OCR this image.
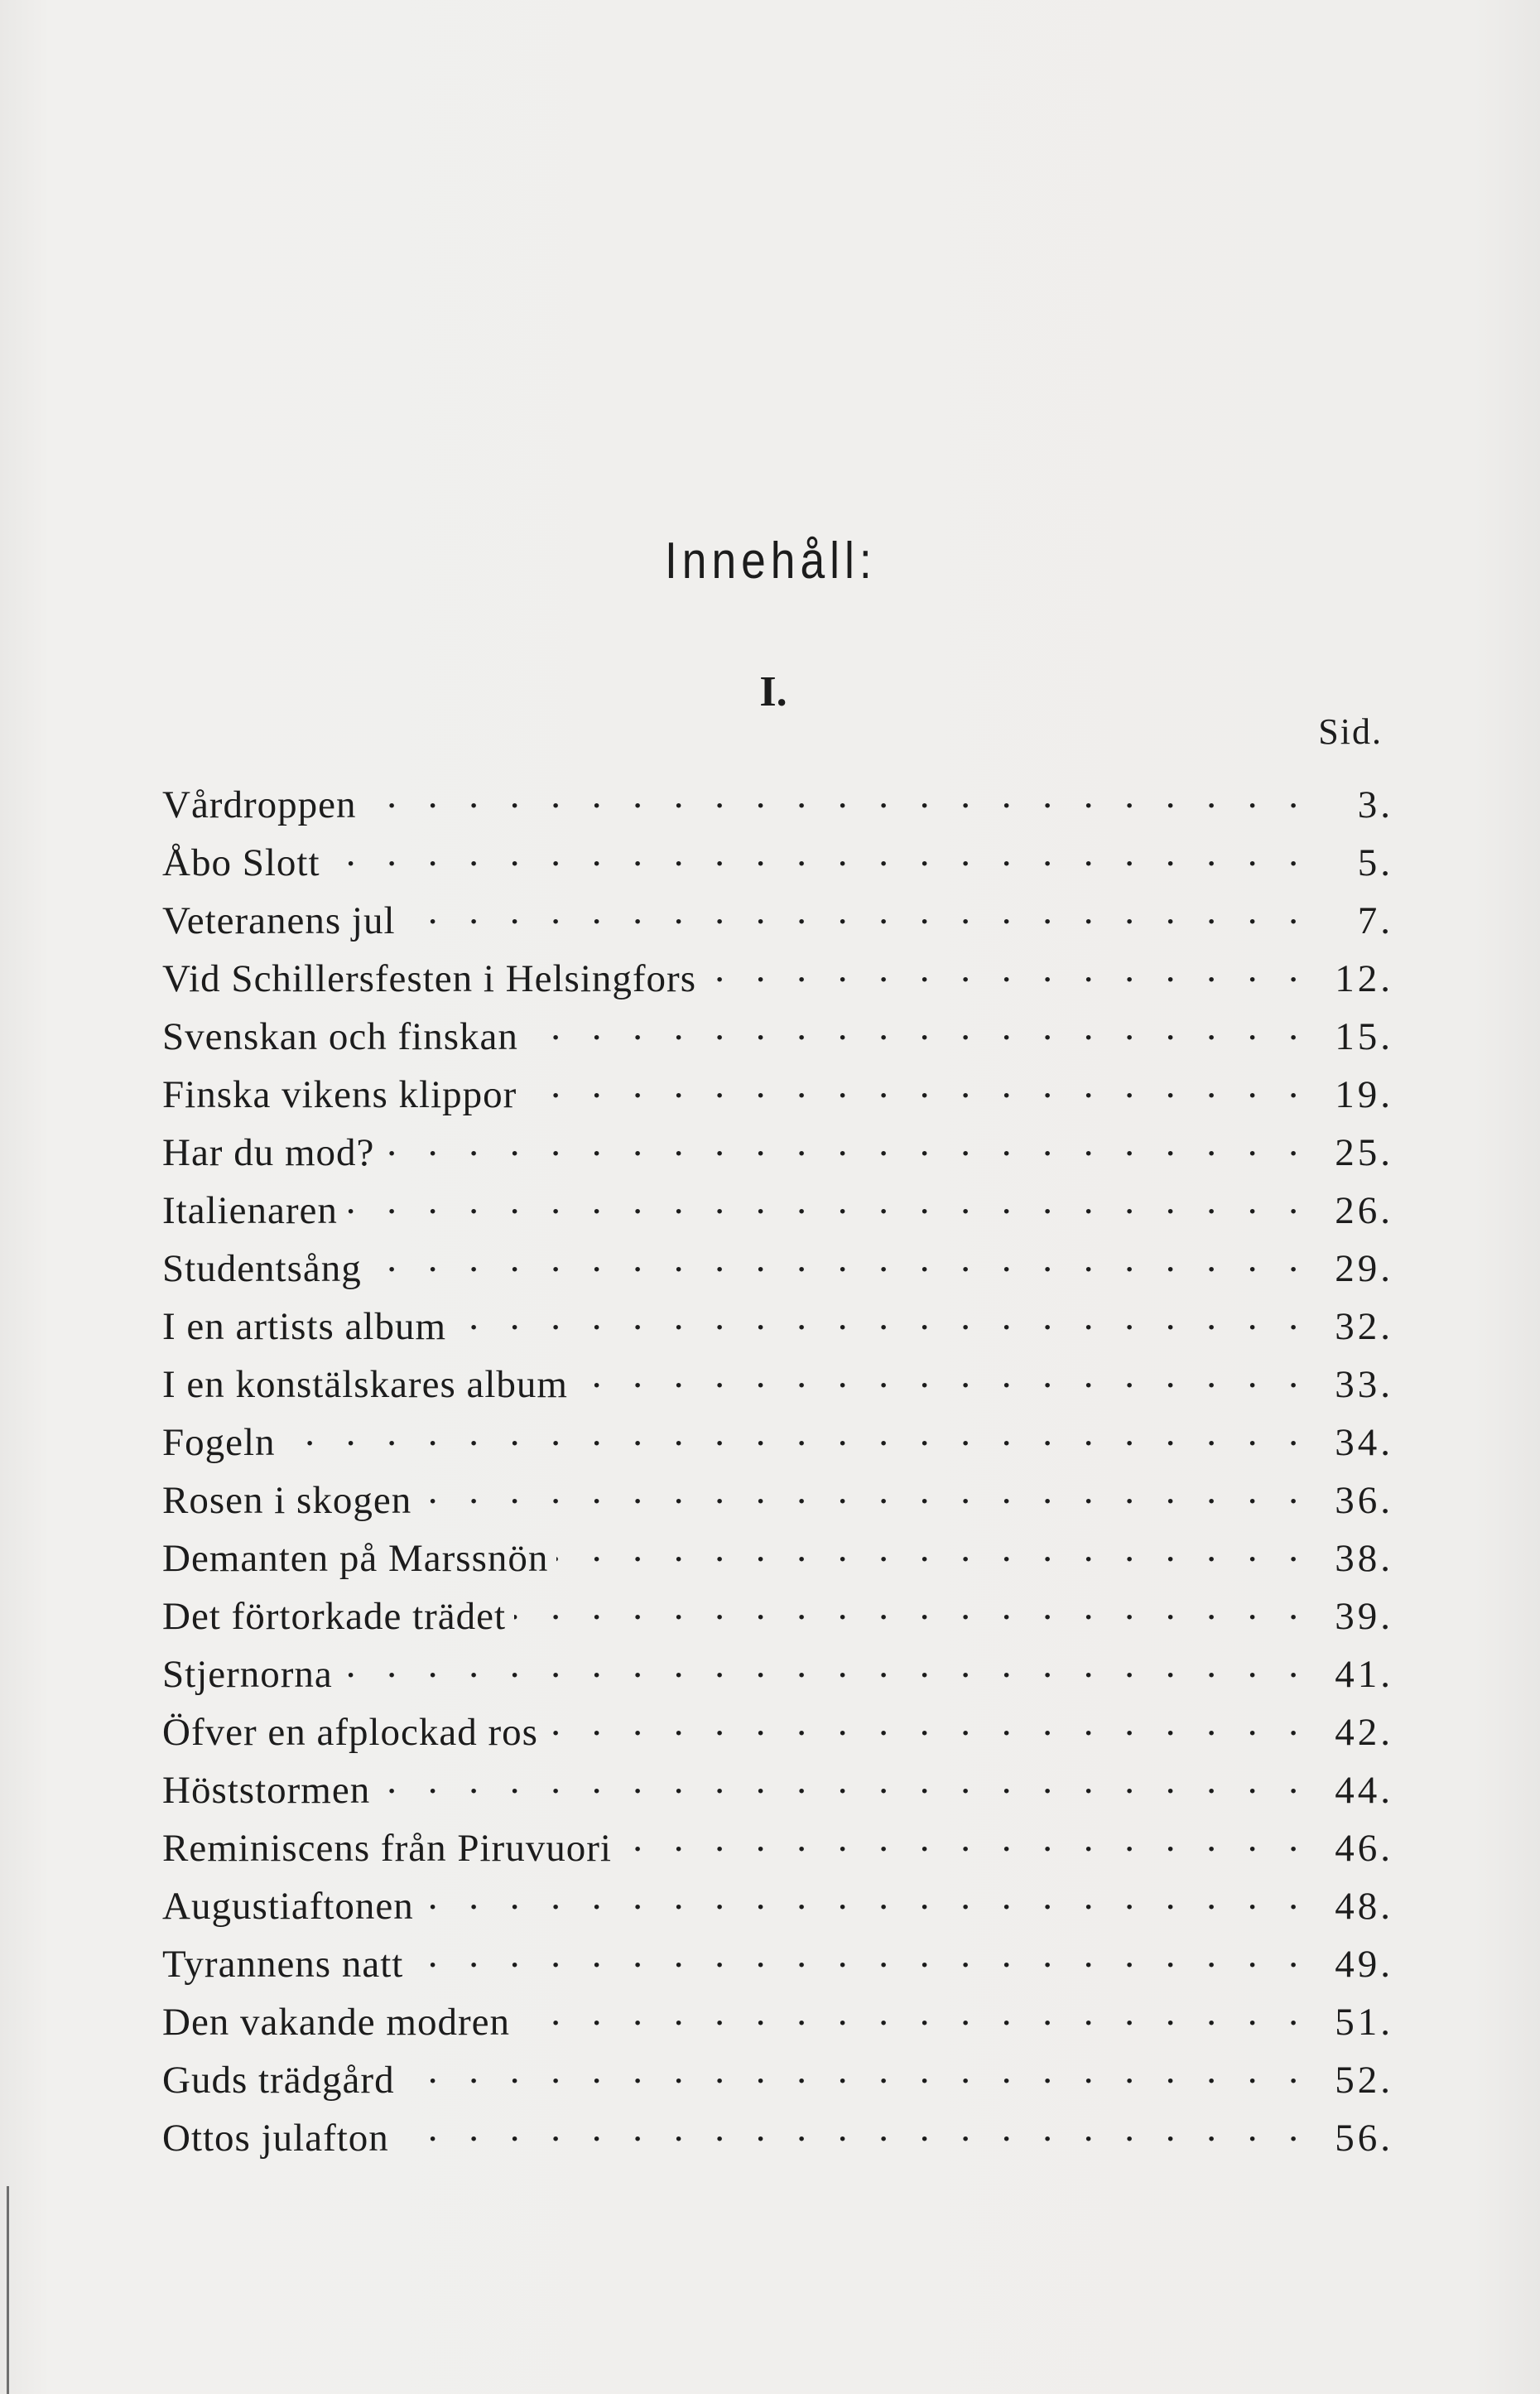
Innehåll:
I.
Sid.
Vårdroppen . . .	3.
Åbo Slott . . .	5.
Veteranens jul . . .	7.
Vid Schillersfesten i Helsingfors . . .	12.
Svenskan och finskan . . .	15.
Finska vikens klippor . . .	19.
Har du mod? . . .	25.
Italienaren . . .	26.
Studentsång . . .	29.
I en artists album . . .	32.
I en konstälskares album . . .	33.
Fogeln . . .	34.
Rosen i skogen . . .	36.
Demanten på Marssnön . . .	38.
Det förtorkade trädet . . .	39.
Stjernorna . . .	41.
Öfver en afplockad ros . . .	42.
Höststormen . . .	44.
Reminiscens från Piruvuori . . .	46.
Augustiaftonen . . .	48.
Tyrannens natt . . .	49.
Den vakande modren . . .	51.
Guds trädgård . . .	52.
Ottos julafton . . .	56.
